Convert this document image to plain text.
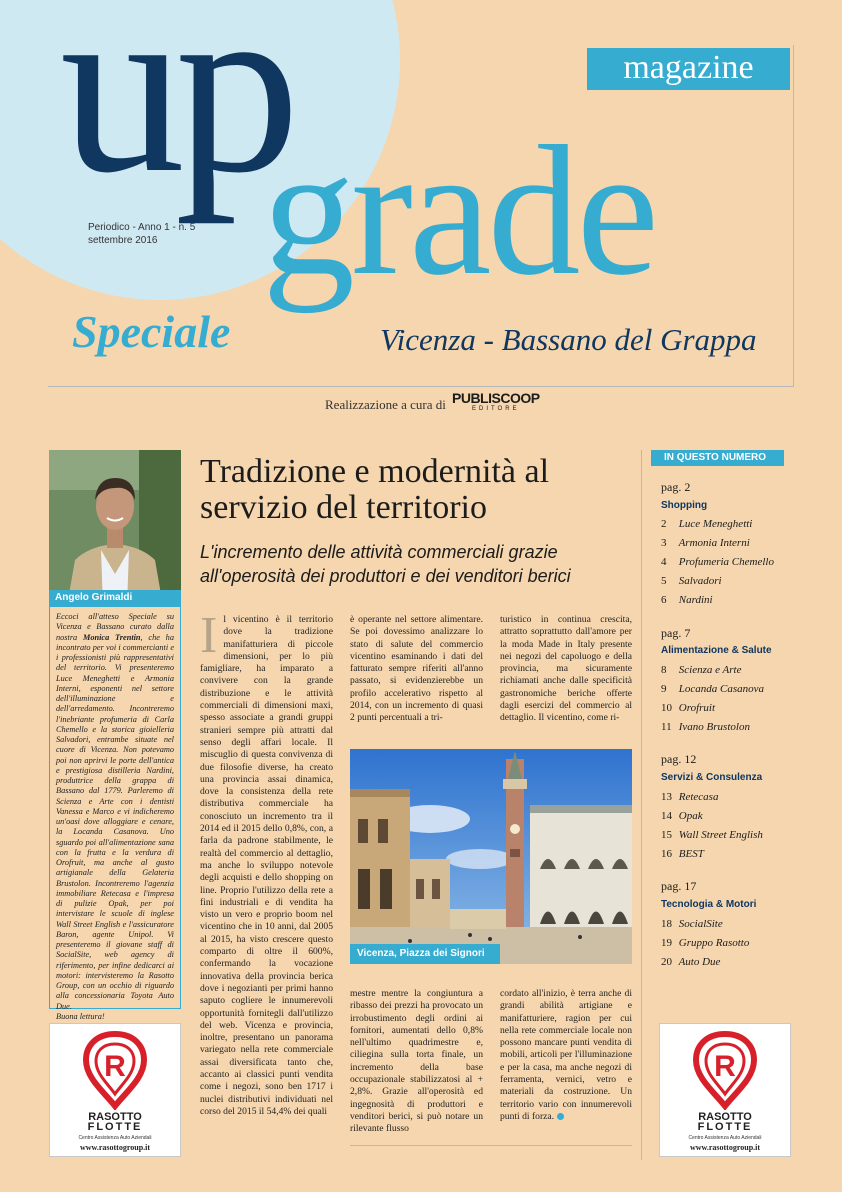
magazine
up
grade
Periodico - Anno 1 - n. 5
settembre 2016
Speciale	Vicenza - Bassano del Grappa
Realizzazione a cura di PUBLISCOOP
EDITORE
Angelo Grimaldi
Eccoci all'atteso Speciale su Vicenza e Bassano curato dalla nostra Monica Trentin, che ha incontrato per voi i commercianti e i professionisti più rappresentativi del territorio. Vi presenteremo Luce Meneghetti e Armonia Interni, esponenti nel settore dell'illuminazione e dell'arredamento. Incontreremo l'inebriante profumeria di Carla Chemello e la storica gioielleria Salvadori, entrambe situate nel cuore di Vicenza. Non potevamo poi non aprirvi le porte dell'antica e prestigiosa distilleria Nardini, produttrice della grappa di Bassano dal 1779. Parleremo di Scienza e Arte con i dentisti Vanessa e Marco e vi indicheremo un'oasi dove alloggiare e cenare, la Locanda Casanova. Uno sguardo poi all'alimentazione sana con la frutta e la verdura di Orofruit, ma anche al gusto artigianale della Gelateria Brustolon. Incontreremo l'agenzia immobiliare Retecasa e l'impresa di pulizie Opak, per poi intervistare le scuole di inglese Wall Street English e l'assicuratore Baron, agente Unipol. Vi presenteremo il giovane staff di SocialSite, web agency di riferimento, per infine dedicarci ai motori: intervisteremo la Rasotto Group, con un occhio di riguardo alla concessionaria Toyota Auto Due.
Buona lettura!
Tradizione e modernità al servizio del territorio
L'incremento delle attività commerciali grazie all'operosità dei produttori e dei venditori berici
Il vicentino è il territorio dove la tradizione manifatturiera di piccole dimensioni, per lo più famigliare, ha imparato a convivere con la grande distribuzione e le attività commerciali di dimensioni maxi, spesso associate a grandi gruppi stranieri sempre più attratti dal senso degli affari locale. Il miscuglio di questa convivenza di due filosofie diverse, ha creato una provincia assai dinamica, dove la consistenza della rete distributiva commerciale ha conosciuto un incremento tra il 2014 ed il 2015 dello 0,8%, con, a farla da padrone stabilmente, le realtà del commercio al dettaglio, ma anche lo sviluppo notevole degli acquisti e dello shopping on line. Proprio l'utilizzo della rete a fini industriali e di vendita ha visto un vero e proprio boom nel vicentino che in 10 anni, dal 2005 al 2015, ha visto crescere questo comparto di oltre il 600%, confermando la vocazione innovativa della provincia berica dove i negozianti per primi hanno saputo cogliere le innumerevoli opportunità fornitegli dall'utilizzo del web. Vicenza e provincia, inoltre, presentano un panorama variegato nella rete commerciale assai diversificata tanto che, accanto ai classici punti vendita come i negozi, sono ben 1717 i nuclei distributivi individuati nel corso del 2015 il 54,4% dei quali
è operante nel settore alimentare. Se poi dovessimo analizzare lo stato di salute del commercio vicentino esaminando i dati del fatturato sempre riferiti all'anno passato, si evidenzierebbe un profilo accelerativo rispetto al 2014, con un incremento di quasi 2 punti percentuali a tri-
turistico in continua crescita, attratto soprattutto dall'amore per la moda Made in Italy presente nei negozi del capoluogo e della provincia, ma sicuramente richiamati anche dalle specificità gastronomiche beriche offerte dagli esercizi del commercio al dettaglio. Il vicentino, come ri-
Vicenza, Piazza dei Signori
mestre mentre la congiuntura a ribasso dei prezzi ha provocato un irrobustimento degli ordini ai fornitori, aumentati dello 0,8% nell'ultimo quadrimestre e, ciliegina sulla torta finale, un incremento della base occupazionale stabilizzatosi al + 2,8%. Grazie all'operosità ed ingegnosità di produttori e venditori berici, si può notare un rilevante flusso
cordato all'inizio, è terra anche di grandi abilità artigiane e manifatturiere, ragion per cui nella rete commerciale locale non possono mancare punti vendita di mobili, articoli per l'illuminazione e per la casa, ma anche negozi di ferramenta, vernici, vetro e materiali da costruzione. Un territorio vario con innumerevoli punti di forza.
IN QUESTO NUMERO
pag. 2
Shopping
2 Luce Meneghetti
3 Armonia Interni
4 Profumeria Chemello
5 Salvadori
6 Nardini
pag. 7
Alimentazione & Salute
8 Scienza e Arte
9 Locanda Casanova
10 Orofruit
11 Ivano Brustolon
pag. 12
Servizi & Consulenza
13 Retecasa
14 Opak
15 Wall Street English
16 BEST
pag. 17
Tecnologia & Motori
18 SocialSite
19 Gruppo Rasotto
20 Auto Due
R
RASOTTO
FLOTTE
Centro Assistenza Auto Aziendali
www.rasottogroup.it
R
RASOTTO
FLOTTE
Centro Assistenza Auto Aziendali
www.rasottogroup.it
